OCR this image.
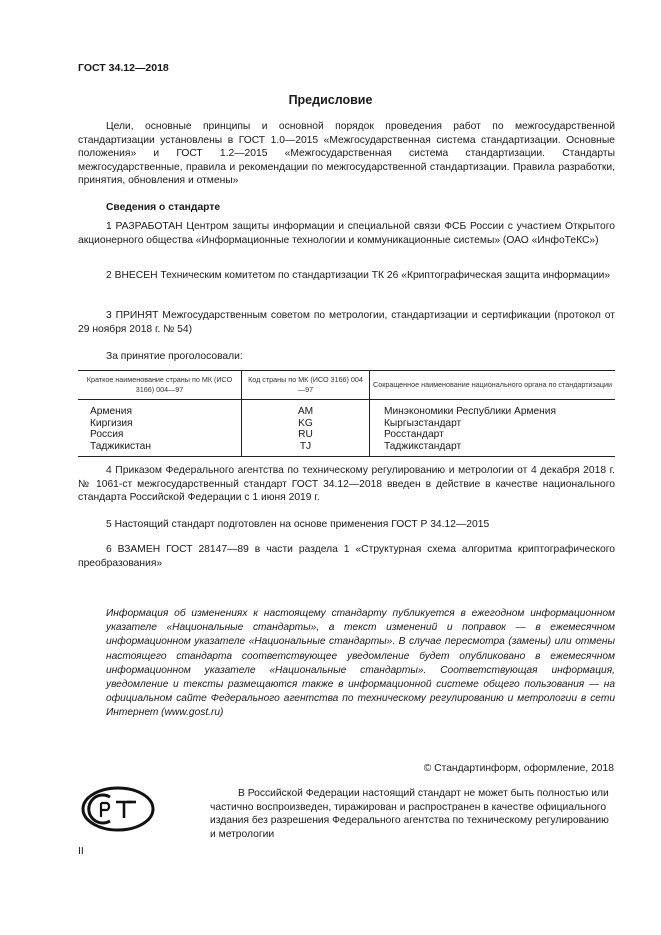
ГОСТ 34.12—2018
Предисловие
Цели, основные принципы и основной порядок проведения работ по межгосударственной стандартизации установлены в ГОСТ 1.0—2015 «Межгосударственная система стандартизации. Основные положения» и ГОСТ 1.2—2015 «Межгосударственная система стандартизации. Стандарты межгосударственные, правила и рекомендации по межгосударственной стандартизации. Правила разработки, принятия, обновления и отмены»
Сведения о стандарте
1 РАЗРАБОТАН Центром защиты информации и специальной связи ФСБ России с участием Открытого акционерного общества «Информационные технологии и коммуникационные системы» (ОАО «ИнфоТеКС»)
2 ВНЕСЕН Техническим комитетом по стандартизации ТК 26 «Криптографическая защита информации»
3 ПРИНЯТ Межгосударственным советом по метрологии, стандартизации и сертификации (протокол от 29 ноября 2018 г. № 54)
За принятие проголосовали:
Краткое наименование страны по МК (ИСО 3166) 004—97	Код страны по МК (ИСО 3166) 004—97	Сокращенное наименование национального органа по стандартизации
Армения	AM	Минэкономики Республики Армения
Киргизия	KG	Кыргызстандарт
Россия	RU	Росстандарт
Таджикистан	TJ	Таджикстандарт
4 Приказом Федерального агентства по техническому регулированию и метрологии от 4 декабря 2018 г. № 1061-ст межгосударственный стандарт ГОСТ 34.12—2018 введен в действие в качестве национального стандарта Российской Федерации с 1 июня 2019 г.
5 Настоящий стандарт подготовлен на основе применения ГОСТ Р 34.12—2015
6 ВЗАМЕН ГОСТ 28147—89 в части раздела 1 «Структурная схема алгоритма криптографического преобразования»
Информация об изменениях к настоящему стандарту публикуется в ежегодном информационном указателе «Национальные стандарты», а текст изменений и поправок — в ежемесячном информационном указателе «Национальные стандарты». В случае пересмотра (замены) или отмены настоящего стандарта соответствующее уведомление будет опубликовано в ежемесячном информационном указателе «Национальные стандарты». Соответствующая информация, уведомление и тексты размещаются также в информационной системе общего пользования — на официальном сайте Федерального агентства по техническому регулированию и метрологии в сети Интернет (www.gost.ru)
© Стандартинформ, оформление, 2018
В Российской Федерации настоящий стандарт не может быть полностью или частично воспроизведен, тиражирован и распространен в качестве официального издания без разрешения Федерального агентства по техническому регулированию и метрологии
II
